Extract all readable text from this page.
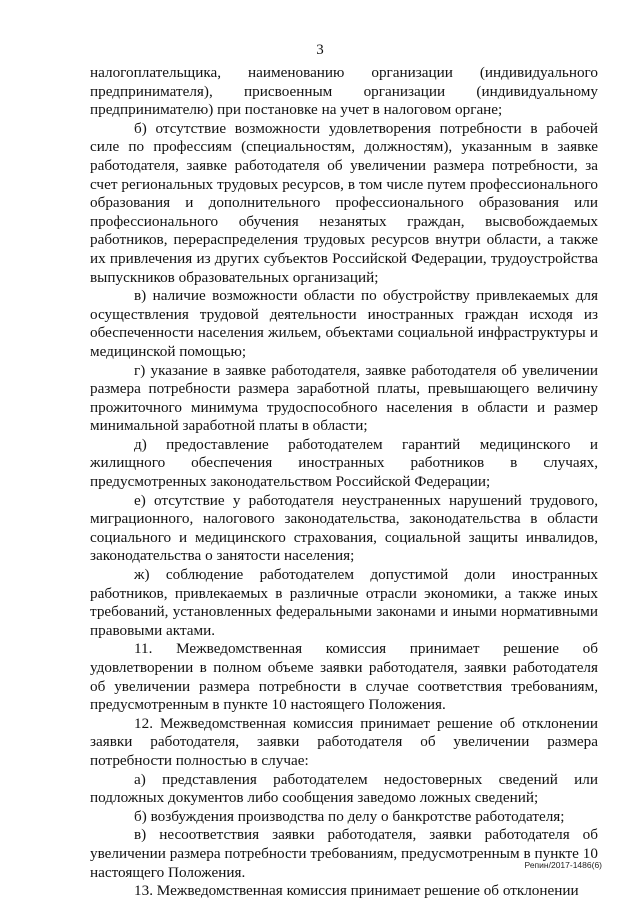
3

налогоплательщика, наименованию организации (индивидуального предпринимателя), присвоенным организации (индивидуальному предпринимателю) при постановке на учет в налоговом органе;

б) отсутствие возможности удовлетворения потребности в рабочей силе по профессиям (специальностям, должностям), указанным в заявке работодателя, заявке работодателя об увеличении размера потребности, за счет региональных трудовых ресурсов, в том числе путем профессионального образования и дополнительного профессионального образования или профессионального обучения незанятых граждан, высвобождаемых работников, перераспределения трудовых ресурсов внутри области, а также их привлечения из других субъектов Российской Федерации, трудоустройства выпускников образовательных организаций;

в) наличие возможности области по обустройству привлекаемых для осуществления трудовой деятельности иностранных граждан исходя из обеспеченности населения жильем, объектами социальной инфраструктуры и медицинской помощью;

г) указание в заявке работодателя, заявке работодателя об увеличении размера потребности размера заработной платы, превышающего величину прожиточного минимума трудоспособного населения в области и размер минимальной заработной платы в области;

д) предоставление работодателем гарантий медицинского и жилищного обеспечения иностранных работников в случаях, предусмотренных законодательством Российской Федерации;

е) отсутствие у работодателя неустраненных нарушений трудового, миграционного, налогового законодательства, законодательства в области социального и медицинского страхования, социальной защиты инвалидов, законодательства о занятости населения;

ж) соблюдение работодателем допустимой доли иностранных работников, привлекаемых в различные отрасли экономики, а также иных требований, установленных федеральными законами и иными нормативными правовыми актами.

11. Межведомственная комиссия принимает решение об удовлетворении в полном объеме заявки работодателя, заявки работодателя об увеличении размера потребности в случае соответствия требованиям, предусмотренным в пункте 10 настоящего Положения.

12. Межведомственная комиссия принимает решение об отклонении заявки работодателя, заявки работодателя об увеличении размера потребности полностью в случае:

а) представления работодателем недостоверных сведений или подложных документов либо сообщения заведомо ложных сведений;

б) возбуждения производства по делу о банкротстве работодателя;

в) несоответствия заявки работодателя, заявки работодателя об увеличении размера потребности требованиям, предусмотренным в пункте 10 настоящего Положения.

13. Межведомственная комиссия принимает решение об отклонении

Репин/2017-1486(6)
